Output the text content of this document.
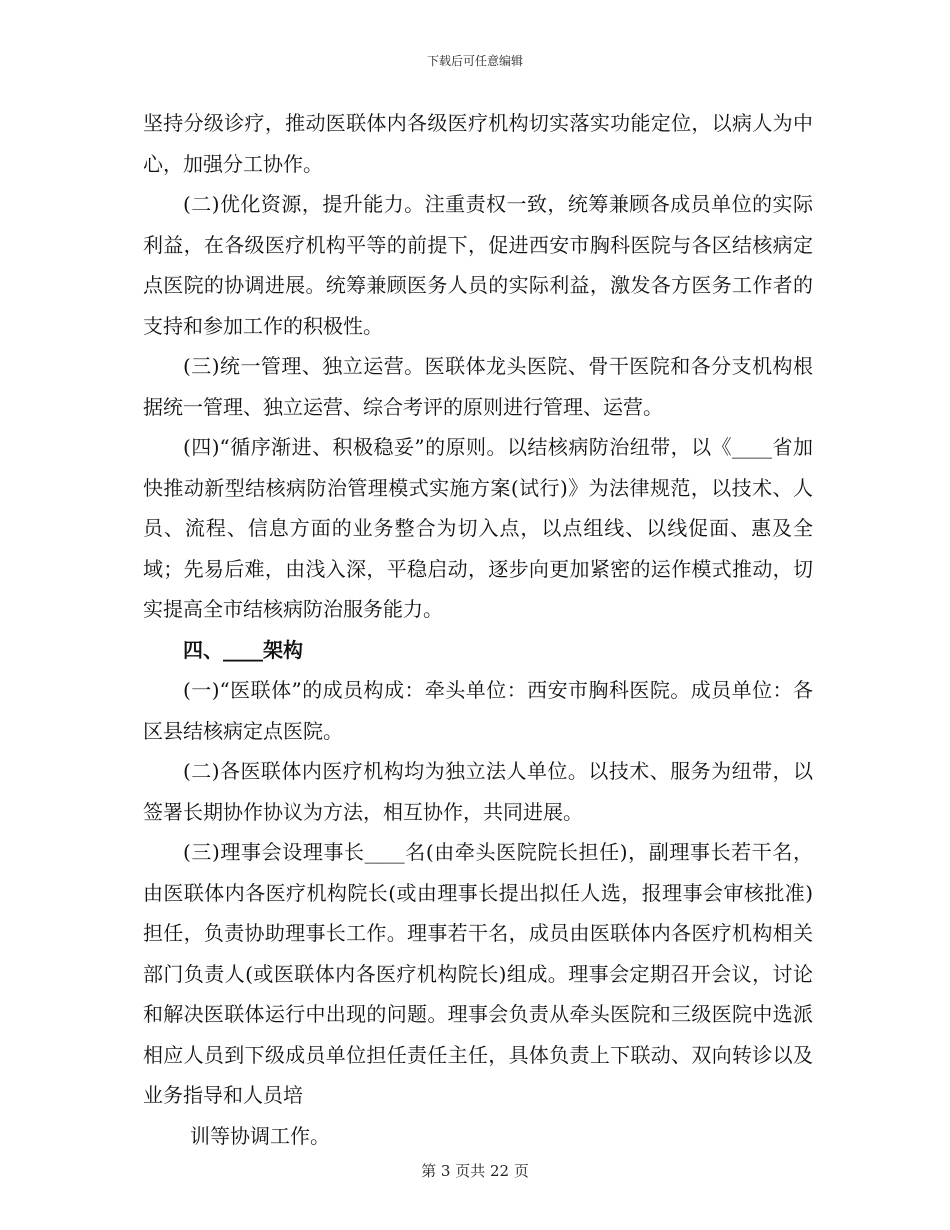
下载后可任意编辑

坚持分级诊疗，推动医联体内各级医疗机构切实落实功能定位，以病人为中心，加强分工协作。

(二)优化资源，提升能力。注重责权一致，统筹兼顾各成员单位的实际利益，在各级医疗机构平等的前提下，促进西安市胸科医院与各区结核病定点医院的协调进展。统筹兼顾医务人员的实际利益，激发各方医务工作者的支持和参加工作的积极性。

(三)统一管理、独立运营。医联体龙头医院、骨干医院和各分支机构根据统一管理、独立运营、综合考评的原则进行管理、运营。

(四)“循序渐进、积极稳妥”的原则。以结核病防治纽带，以《____省加快推动新型结核病防治管理模式实施方案(试行)》为法律规范，以技术、人员、流程、信息方面的业务整合为切入点，以点组线、以线促面、惠及全域；先易后难，由浅入深，平稳启动，逐步向更加紧密的运作模式推动，切实提高全市结核病防治服务能力。

四、____架构

(一)“医联体”的成员构成：牵头单位：西安市胸科医院。成员单位：各区县结核病定点医院。

(二)各医联体内医疗机构均为独立法人单位。以技术、服务为纽带，以签署长期协作协议为方法，相互协作，共同进展。

(三)理事会设理事长____名(由牵头医院院长担任)，副理事长若干名，由医联体内各医疗机构院长(或由理事长提出拟任人选，报理事会审核批准)担任，负责协助理事长工作。理事若干名，成员由医联体内各医疗机构相关部门负责人(或医联体内各医疗机构院长)组成。理事会定期召开会议，讨论和解决医联体运行中出现的问题。理事会负责从牵头医院和三级医院中选派相应人员到下级成员单位担任责任主任，具体负责上下联动、双向转诊以及业务指导和人员培

训等协调工作。

第 3 页共 22 页
